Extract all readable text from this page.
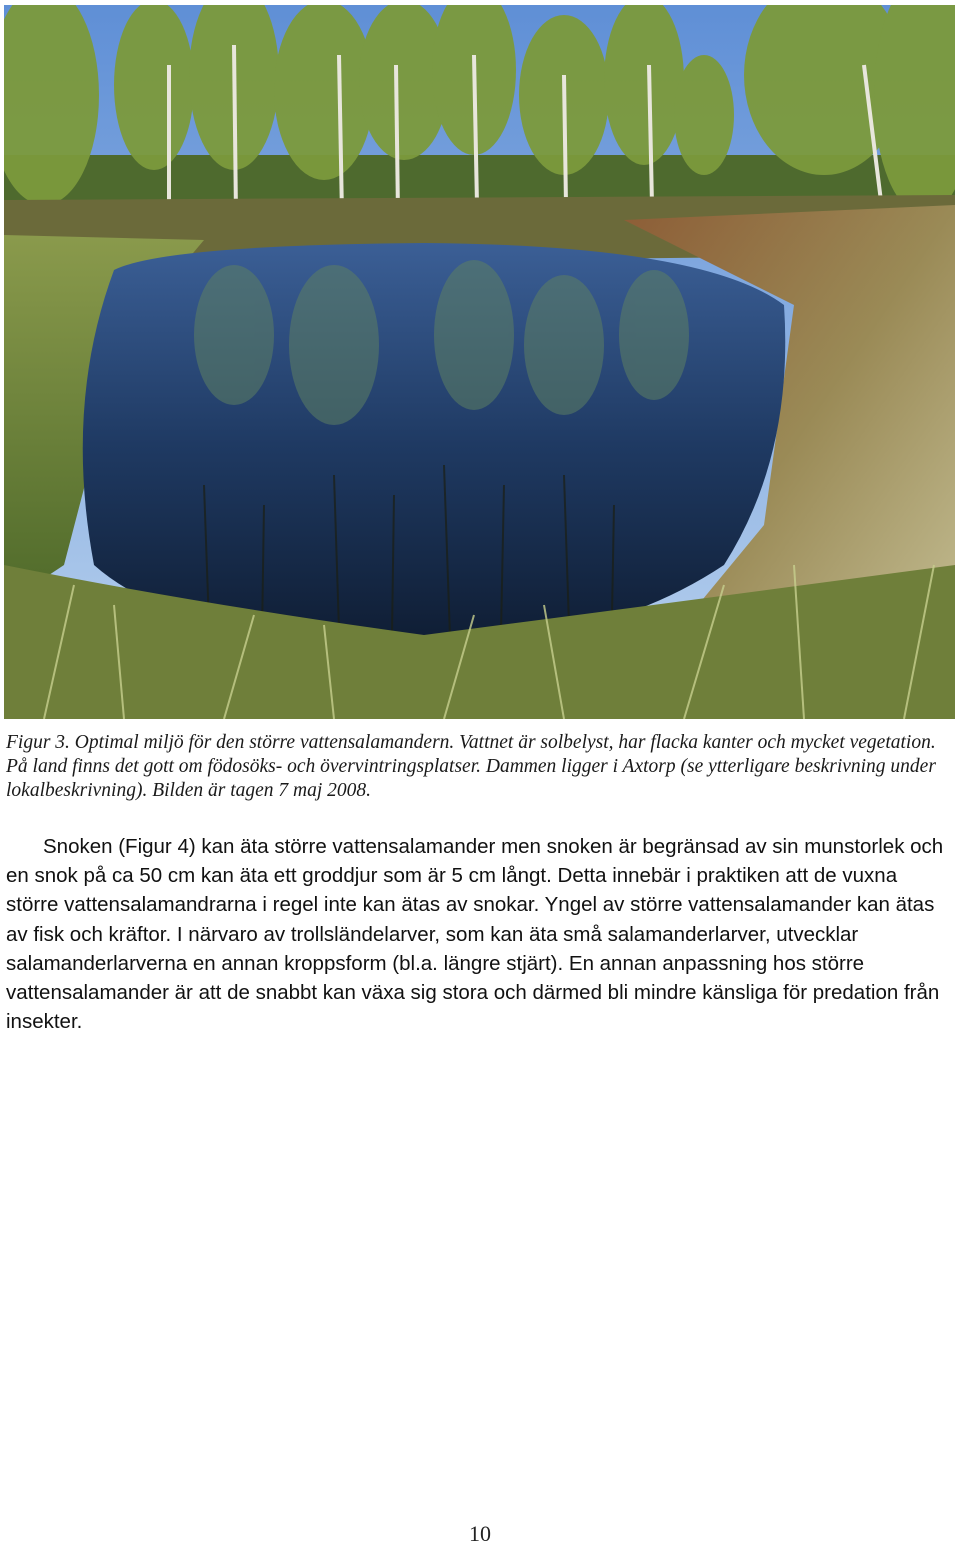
Figur 3. Optimal miljö för den större vattensalamandern. Vattnet är solbelyst, har flacka kanter och mycket vegetation. På land finns det gott om födosöks- och övervintringsplatser. Dammen ligger i Axtorp (se ytterligare beskrivning under lokalbeskrivning). Bilden är tagen 7 maj 2008.
Snoken (Figur 4) kan äta större vattensalamander men snoken är begränsad av sin munstorlek och en snok på ca 50 cm kan äta ett groddjur som är 5 cm långt. Detta innebär i praktiken att de vuxna större vattensalamandrarna i regel inte kan ätas av snokar. Yngel av större vattensalamander kan ätas av fisk och kräftor. I närvaro av trollsländelarver, som kan äta små salamanderlarver, utvecklar salamanderlarverna en annan kroppsform (bl.a. längre stjärt). En annan anpassning hos större vattensalamander är att de snabbt kan växa sig stora och därmed bli mindre känsliga för predation från insekter.
10
